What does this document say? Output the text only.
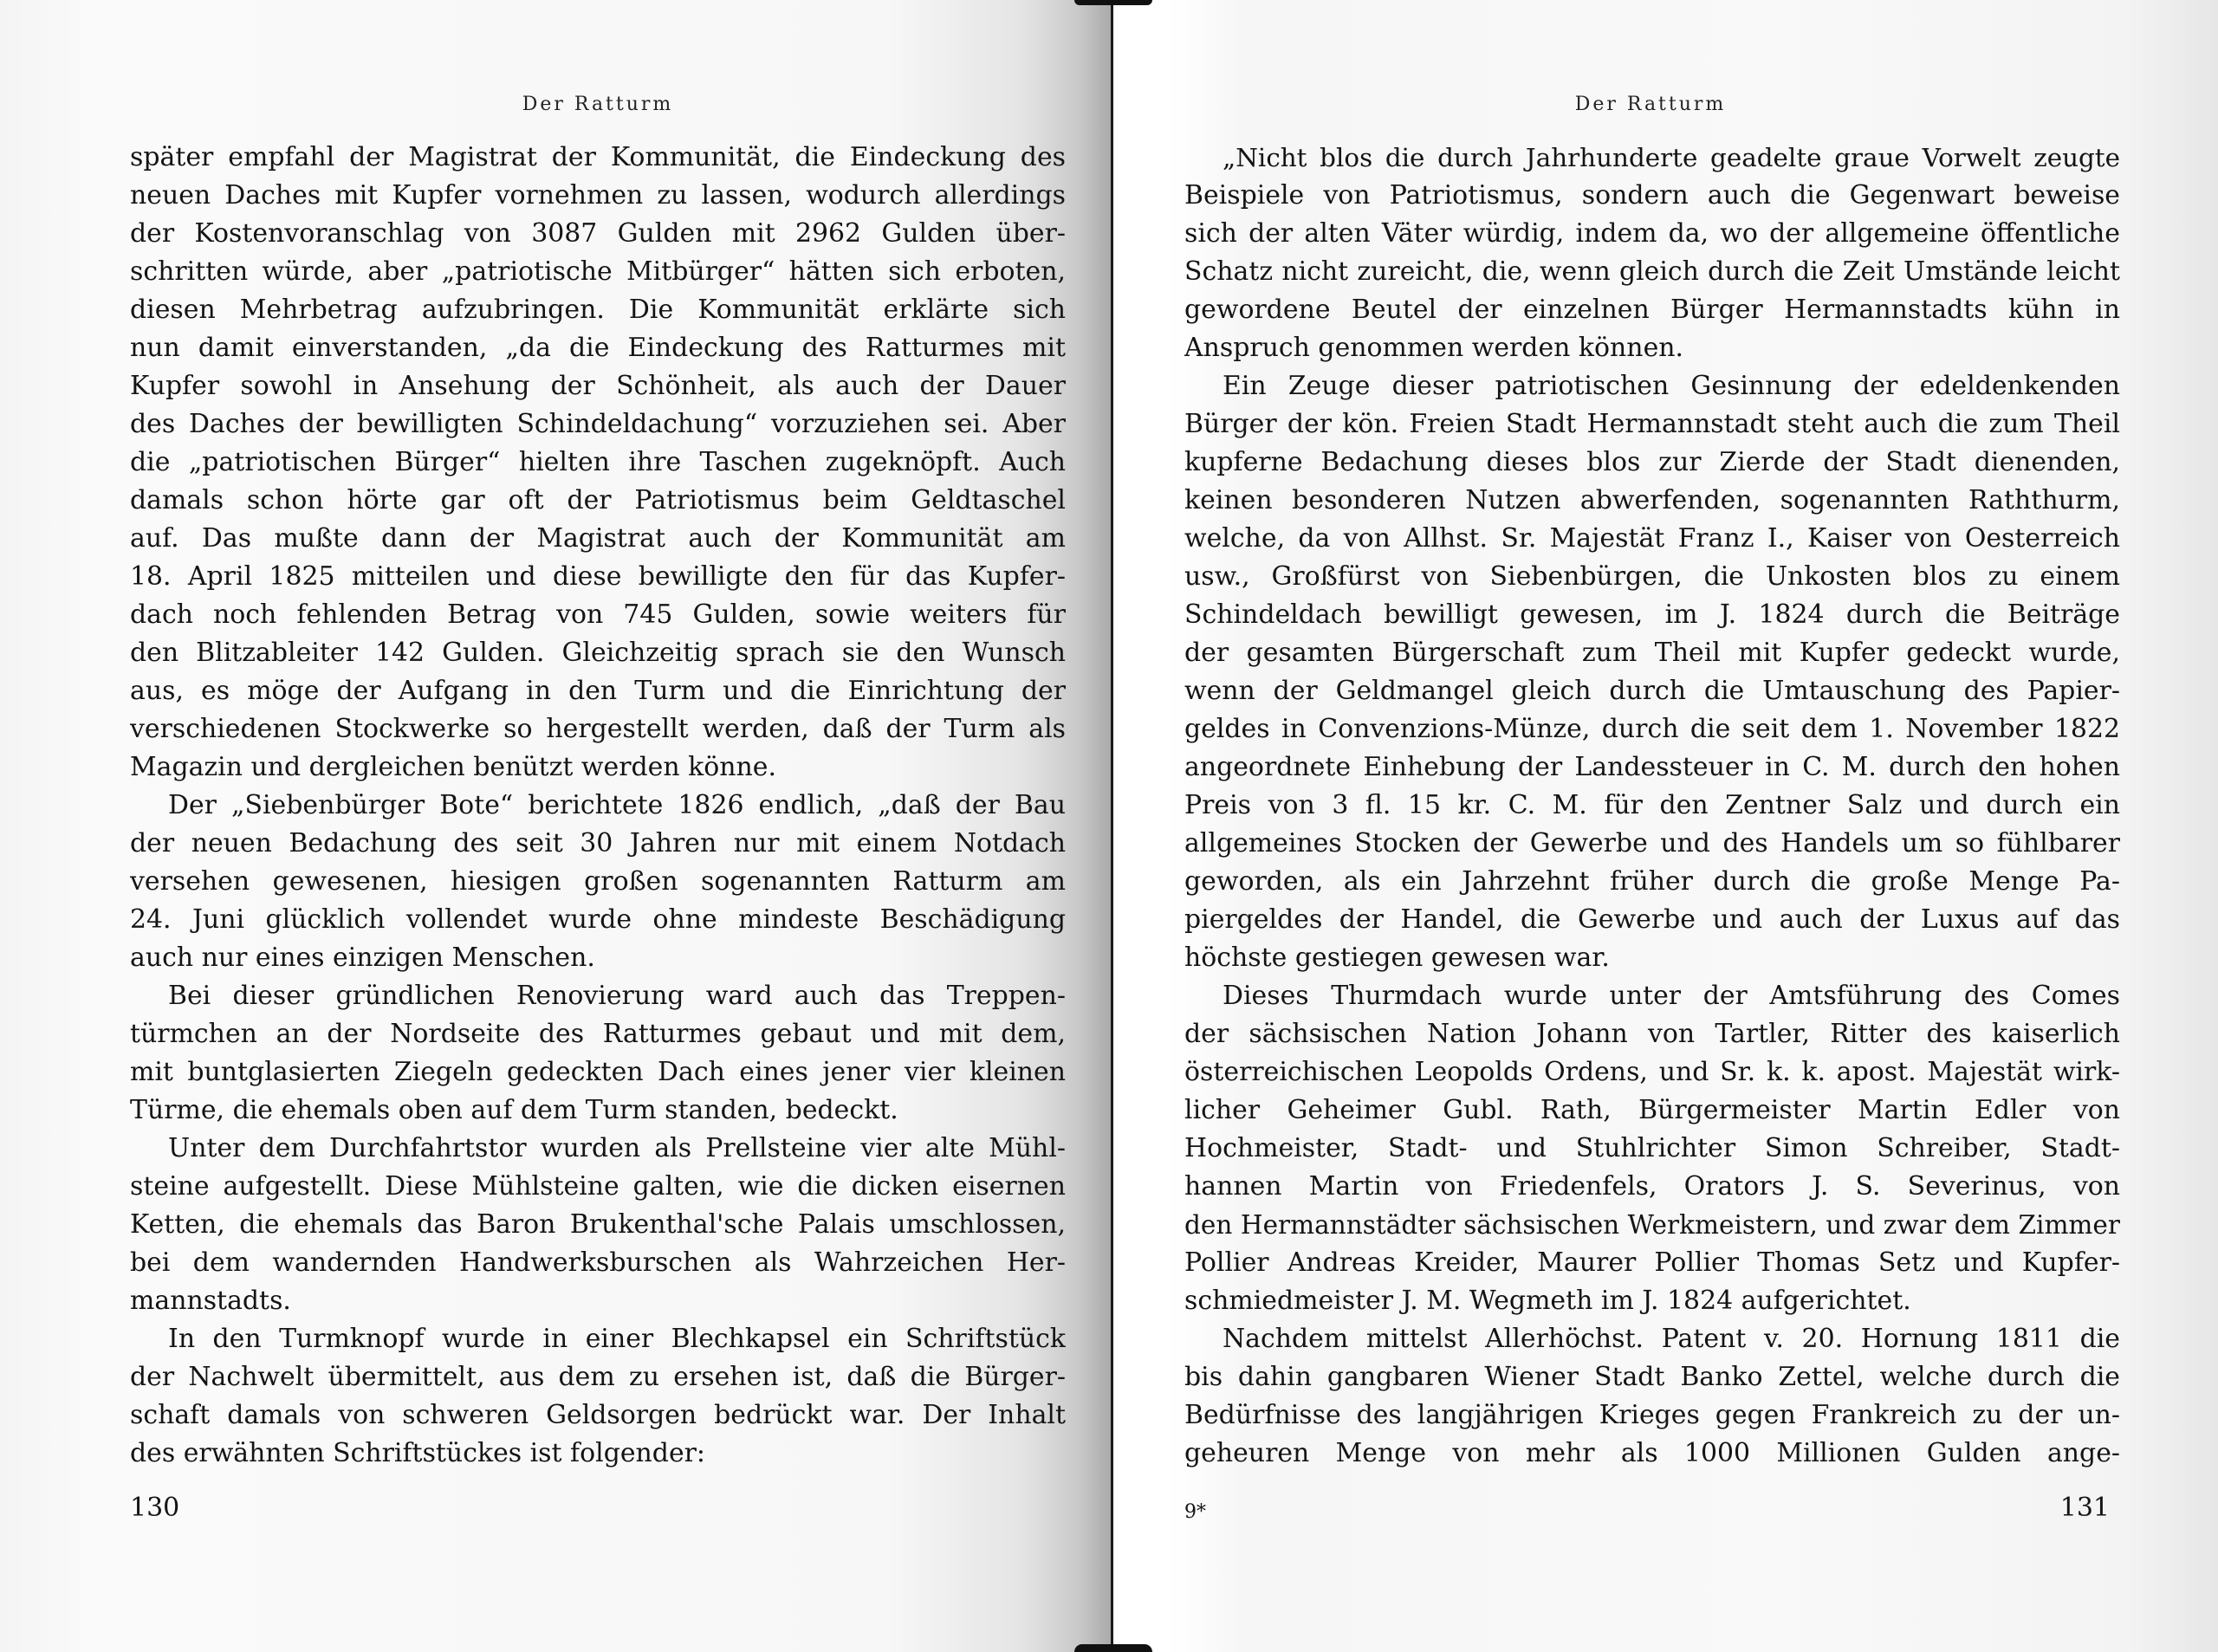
Der Ratturm
später empfahl der Magistrat der Kommunität, die Eindeckung des
neuen Daches mit Kupfer vornehmen zu lassen, wodurch allerdings
der Kostenvoranschlag von 3087 Gulden mit 2962 Gulden über-
schritten würde, aber „patriotische Mitbürger“ hätten sich erboten,
diesen Mehrbetrag aufzubringen. Die Kommunität erklärte sich
nun damit einverstanden, „da die Eindeckung des Ratturmes mit
Kupfer sowohl in Ansehung der Schönheit, als auch der Dauer
des Daches der bewilligten Schindeldachung“ vorzuziehen sei. Aber
die „patriotischen Bürger“ hielten ihre Taschen zugeknöpft. Auch
damals schon hörte gar oft der Patriotismus beim Geldtaschel
auf. Das mußte dann der Magistrat auch der Kommunität am
18. April 1825 mitteilen und diese bewilligte den für das Kupfer-
dach noch fehlenden Betrag von 745 Gulden, sowie weiters für
den Blitzableiter 142 Gulden. Gleichzeitig sprach sie den Wunsch
aus, es möge der Aufgang in den Turm und die Einrichtung der
verschiedenen Stockwerke so hergestellt werden, daß der Turm als
Magazin und dergleichen benützt werden könne.
Der „Siebenbürger Bote“ berichtete 1826 endlich, „daß der Bau
der neuen Bedachung des seit 30 Jahren nur mit einem Notdach
versehen gewesenen, hiesigen großen sogenannten Ratturm am
24. Juni glücklich vollendet wurde ohne mindeste Beschädigung
auch nur eines einzigen Menschen.
Bei dieser gründlichen Renovierung ward auch das Treppen-
türmchen an der Nordseite des Ratturmes gebaut und mit dem,
mit buntglasierten Ziegeln gedeckten Dach eines jener vier kleinen
Türme, die ehemals oben auf dem Turm standen, bedeckt.
Unter dem Durchfahrtstor wurden als Prellsteine vier alte Mühl-
steine aufgestellt. Diese Mühlsteine galten, wie die dicken eisernen
Ketten, die ehemals das Baron Brukenthal'sche Palais umschlossen,
bei dem wandernden Handwerksburschen als Wahrzeichen Her-
mannstadts.
In den Turmknopf wurde in einer Blechkapsel ein Schriftstück
der Nachwelt übermittelt, aus dem zu ersehen ist, daß die Bürger-
schaft damals von schweren Geldsorgen bedrückt war. Der Inhalt
des erwähnten Schriftstückes ist folgender:
130
Der Ratturm
„Nicht blos die durch Jahrhunderte geadelte graue Vorwelt zeugte
Beispiele von Patriotismus, sondern auch die Gegenwart beweise
sich der alten Väter würdig, indem da, wo der allgemeine öffentliche
Schatz nicht zureicht, die, wenn gleich durch die Zeit Umstände leicht
gewordene Beutel der einzelnen Bürger Hermannstadts kühn in
Anspruch genommen werden können.
Ein Zeuge dieser patriotischen Gesinnung der edeldenkenden
Bürger der kön. Freien Stadt Hermannstadt steht auch die zum Theil
kupferne Bedachung dieses blos zur Zierde der Stadt dienenden,
keinen besonderen Nutzen abwerfenden, sogenannten Raththurm,
welche, da von Allhst. Sr. Majestät Franz I., Kaiser von Oesterreich
usw., Großfürst von Siebenbürgen, die Unkosten blos zu einem
Schindeldach bewilligt gewesen, im J. 1824 durch die Beiträge
der gesamten Bürgerschaft zum Theil mit Kupfer gedeckt wurde,
wenn der Geldmangel gleich durch die Umtauschung des Papier-
geldes in Convenzions-Münze, durch die seit dem 1. November 1822
angeordnete Einhebung der Landessteuer in C. M. durch den hohen
Preis von 3 fl. 15 kr. C. M. für den Zentner Salz und durch ein
allgemeines Stocken der Gewerbe und des Handels um so fühlbarer
geworden, als ein Jahrzehnt früher durch die große Menge Pa-
piergeldes der Handel, die Gewerbe und auch der Luxus auf das
höchste gestiegen gewesen war.
Dieses Thurmdach wurde unter der Amtsführung des Comes
der sächsischen Nation Johann von Tartler, Ritter des kaiserlich
österreichischen Leopolds Ordens, und Sr. k. k. apost. Majestät wirk-
licher Geheimer Gubl. Rath, Bürgermeister Martin Edler von
Hochmeister, Stadt- und Stuhlrichter Simon Schreiber, Stadt-
hannen Martin von Friedenfels, Orators J. S. Severinus, von
den Hermannstädter sächsischen Werkmeistern, und zwar dem Zimmer
Pollier Andreas Kreider, Maurer Pollier Thomas Setz und Kupfer-
schmiedmeister J. M. Wegmeth im J. 1824 aufgerichtet.
Nachdem mittelst Allerhöchst. Patent v. 20. Hornung 1811 die
bis dahin gangbaren Wiener Stadt Banko Zettel, welche durch die
Bedürfnisse des langjährigen Krieges gegen Frankreich zu der un-
geheuren Menge von mehr als 1000 Millionen Gulden ange-
9*	131
